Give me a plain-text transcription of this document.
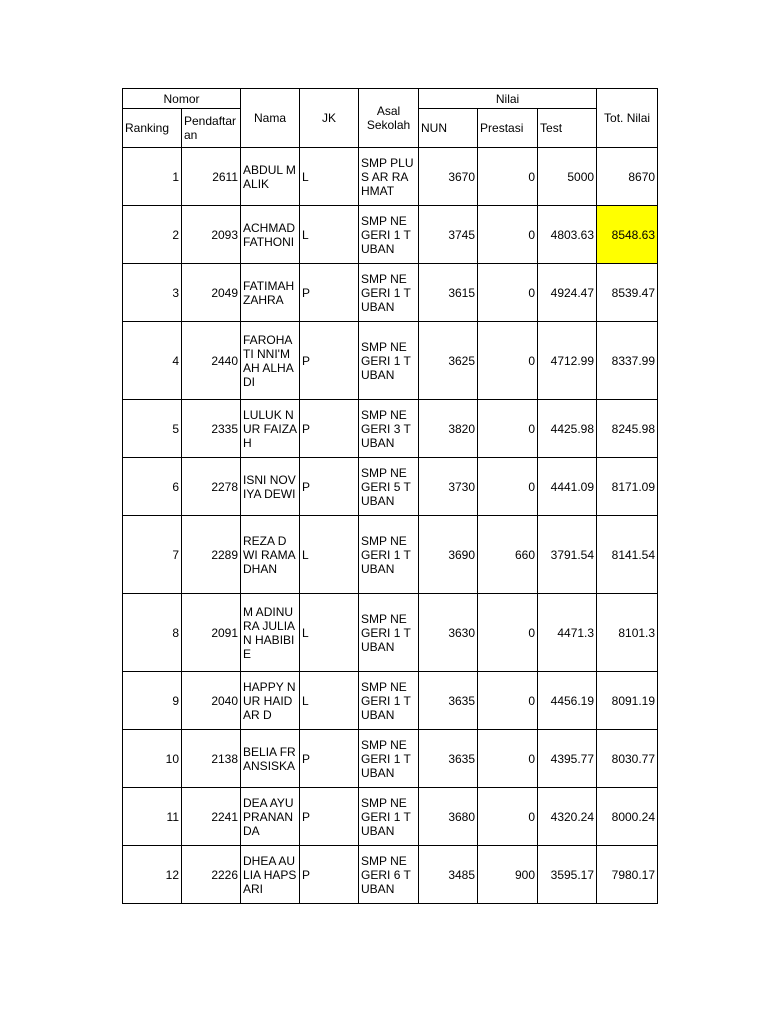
Nomor		Nama	JK	Asal Sekolah	Nilai			Tot. Nilai
Ranking	Pendaftar an				NUN	Prestasi	Test	
1	2611	ABDUL MALIK	L	SMP PLUS AR RAHMAT	3670	0	5000	8670
2	2093	ACHMAD FATHONI	L	SMP NEGERI 1 TUBAN	3745	0	4803.63	8548.63
3	2049	FATIMAH ZAHRA	P	SMP NEGERI 1 TUBAN	3615	0	4924.47	8539.47
4	2440	FAROHATI NNI'MAH ALHADI	P	SMP NEGERI 1 TUBAN	3625	0	4712.99	8337.99
5	2335	LULUK NUR FAIZAH	P	SMP NEGERI 3 TUBAN	3820	0	4425.98	8245.98
6	2278	ISNI NOVIYA DEWI	P	SMP NEGERI 5 TUBAN	3730	0	4441.09	8171.09
7	2289	REZA DWI RAMADHAN	L	SMP NEGERI 1 TUBAN	3690	660	3791.54	8141.54
8	2091	M ADINURA JULIAN HABIBIE	L	SMP NEGERI 1 TUBAN	3630	0	4471.3	8101.3
9	2040	HAPPY NUR HAIDAR D	L	SMP NEGERI 1 TUBAN	3635	0	4456.19	8091.19
10	2138	BELIA FRANSISKA	P	SMP NEGERI 1 TUBAN	3635	0	4395.77	8030.77
11	2241	DEA AYU PRANANDA	P	SMP NEGERI 1 TUBAN	3680	0	4320.24	8000.24
12	2226	DHEA AULIA HAPSARI	P	SMP NEGERI 6 TUBAN	3485	900	3595.17	7980.17
